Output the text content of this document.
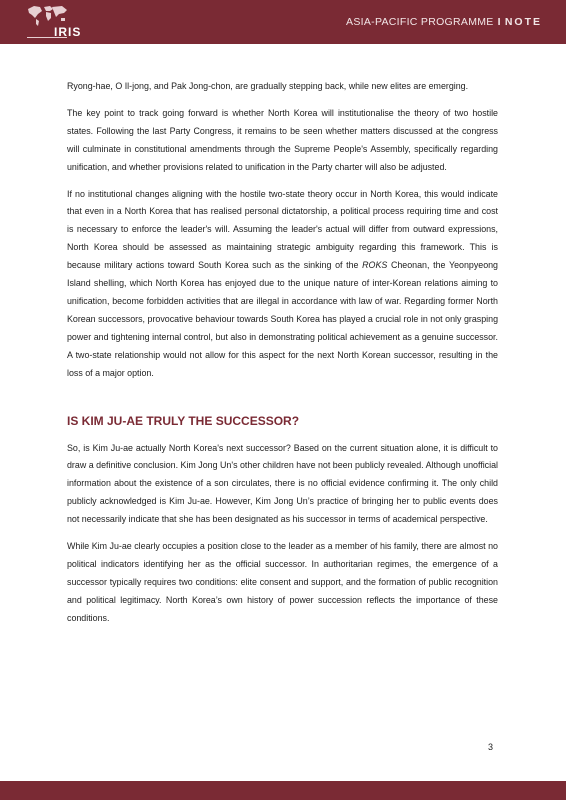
IRIS
ASIA-PACIFIC PROGRAMME I NOTE

Ryong-hae, O Il-jong, and Pak Jong-chon, are gradually stepping back, while new elites are emerging.

The key point to track going forward is whether North Korea will institutionalise the theory of two hostile states. Following the last Party Congress, it remains to be seen whether matters discussed at the congress will culminate in constitutional amendments through the Supreme People's Assembly, specifically regarding unification, and whether provisions related to unification in the Party charter will also be adjusted.

If no institutional changes aligning with the hostile two-state theory occur in North Korea, this would indicate that even in a North Korea that has realised personal dictatorship, a political process requiring time and cost is necessary to enforce the leader's will. Assuming the leader's actual will differ from outward expressions, North Korea should be assessed as maintaining strategic ambiguity regarding this framework. This is because military actions toward South Korea such as the sinking of the ROKS Cheonan, the Yeonpyeong Island shelling, which North Korea has enjoyed due to the unique nature of inter-Korean relations aiming to unification, become forbidden activities that are illegal in accordance with law of war. Regarding former North Korean successors, provocative behaviour towards South Korea has played a crucial role in not only grasping power and tightening internal control, but also in demonstrating political achievement as a genuine successor. A two-state relationship would not allow for this aspect for the next North Korean successor, resulting in the loss of a major option.

IS KIM JU-AE TRULY THE SUCCESSOR?

So, is Kim Ju-ae actually North Korea's next successor? Based on the current situation alone, it is difficult to draw a definitive conclusion. Kim Jong Un's other children have not been publicly revealed. Although unofficial information about the existence of a son circulates, there is no official evidence confirming it. The only child publicly acknowledged is Kim Ju-ae. However, Kim Jong Un’s practice of bringing her to public events does not necessarily indicate that she has been designated as his successor in terms of academical perspective.

While Kim Ju-ae clearly occupies a position close to the leader as a member of his family, there are almost no political indicators identifying her as the official successor. In authoritarian regimes, the emergence of a successor typically requires two conditions: elite consent and support, and the formation of public recognition and political legitimacy. North Korea’s own history of power succession reflects the importance of these conditions.

3
